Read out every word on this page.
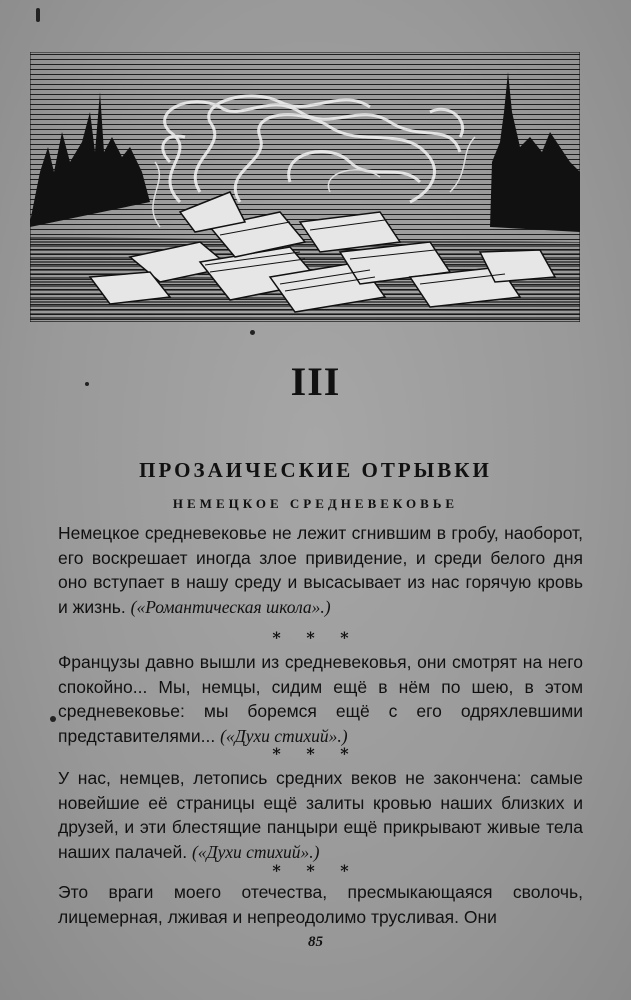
III
ПРОЗАИЧЕСКИЕ ОТРЫВКИ
НЕМЕЦКОЕ СРЕДНЕВЕКОВЬЕ
Немецкое средневековье не лежит сгнившим в гробу, наоборот, его воскрешает иногда злое привидение, и среди белого дня оно вступает в нашу среду и высасывает из нас горячую кровь и жизнь. («Романтическая школа».)
* * *
Французы давно вышли из средневековья, они смотрят на него спокойно... Мы, немцы, сидим ещё в нём по шею, в этом средневековье: мы боремся ещё с его одряхлевшими представителями... («Духи стихий».)
* * *
У нас, немцев, летопись средних веков не закончена: самые новейшие её страницы ещё залиты кровью наших близких и друзей, и эти блестящие панцыри ещё прикрывают живые тела наших палачей. («Духи стихий».)
* * *
Это враги моего отечества, пресмыкающаяся сволочь, лицемерная, лживая и непреодолимо трусливая. Они
85
